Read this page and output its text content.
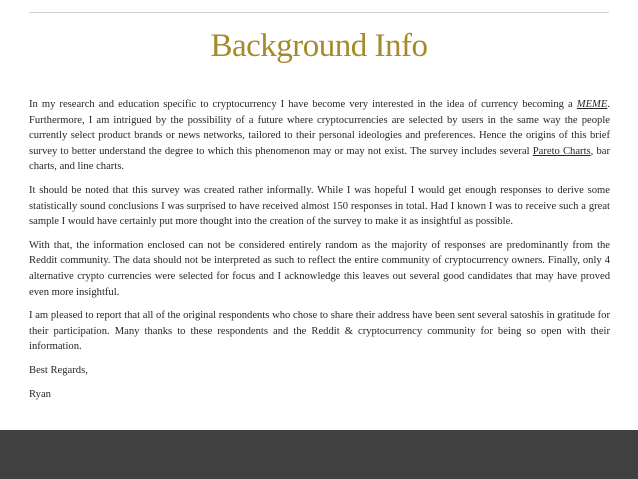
Background Info

In my research and education specific to cryptocurrency I have become very interested in the idea of currency becoming a MEME. Furthermore, I am intrigued by the possibility of a future where cryptocurrencies are selected by users in the same way the people currently select product brands or news networks, tailored to their personal ideologies and preferences. Hence the origins of this brief survey to better understand the degree to which this phenomenon may or may not exist. The survey includes several Pareto Charts, bar charts, and line charts.

It should be noted that this survey was created rather informally. While I was hopeful I would get enough responses to derive some statistically sound conclusions I was surprised to have received almost 150 responses in total. Had I known I was to receive such a great sample I would have certainly put more thought into the creation of the survey to make it as insightful as possible.

With that, the information enclosed can not be considered entirely random as the majority of responses are predominantly from the Reddit community. The data should not be interpreted as such to reflect the entire community of cryptocurrency owners. Finally, only 4 alternative crypto currencies were selected for focus and I acknowledge this leaves out several good candidates that may have proved even more insightful.

I am pleased to report that all of the original respondents who chose to share their address have been sent several satoshis in gratitude for their participation. Many thanks to these respondents and the Reddit & cryptocurrency community for being so open with their information.

Best Regards,

Ryan
